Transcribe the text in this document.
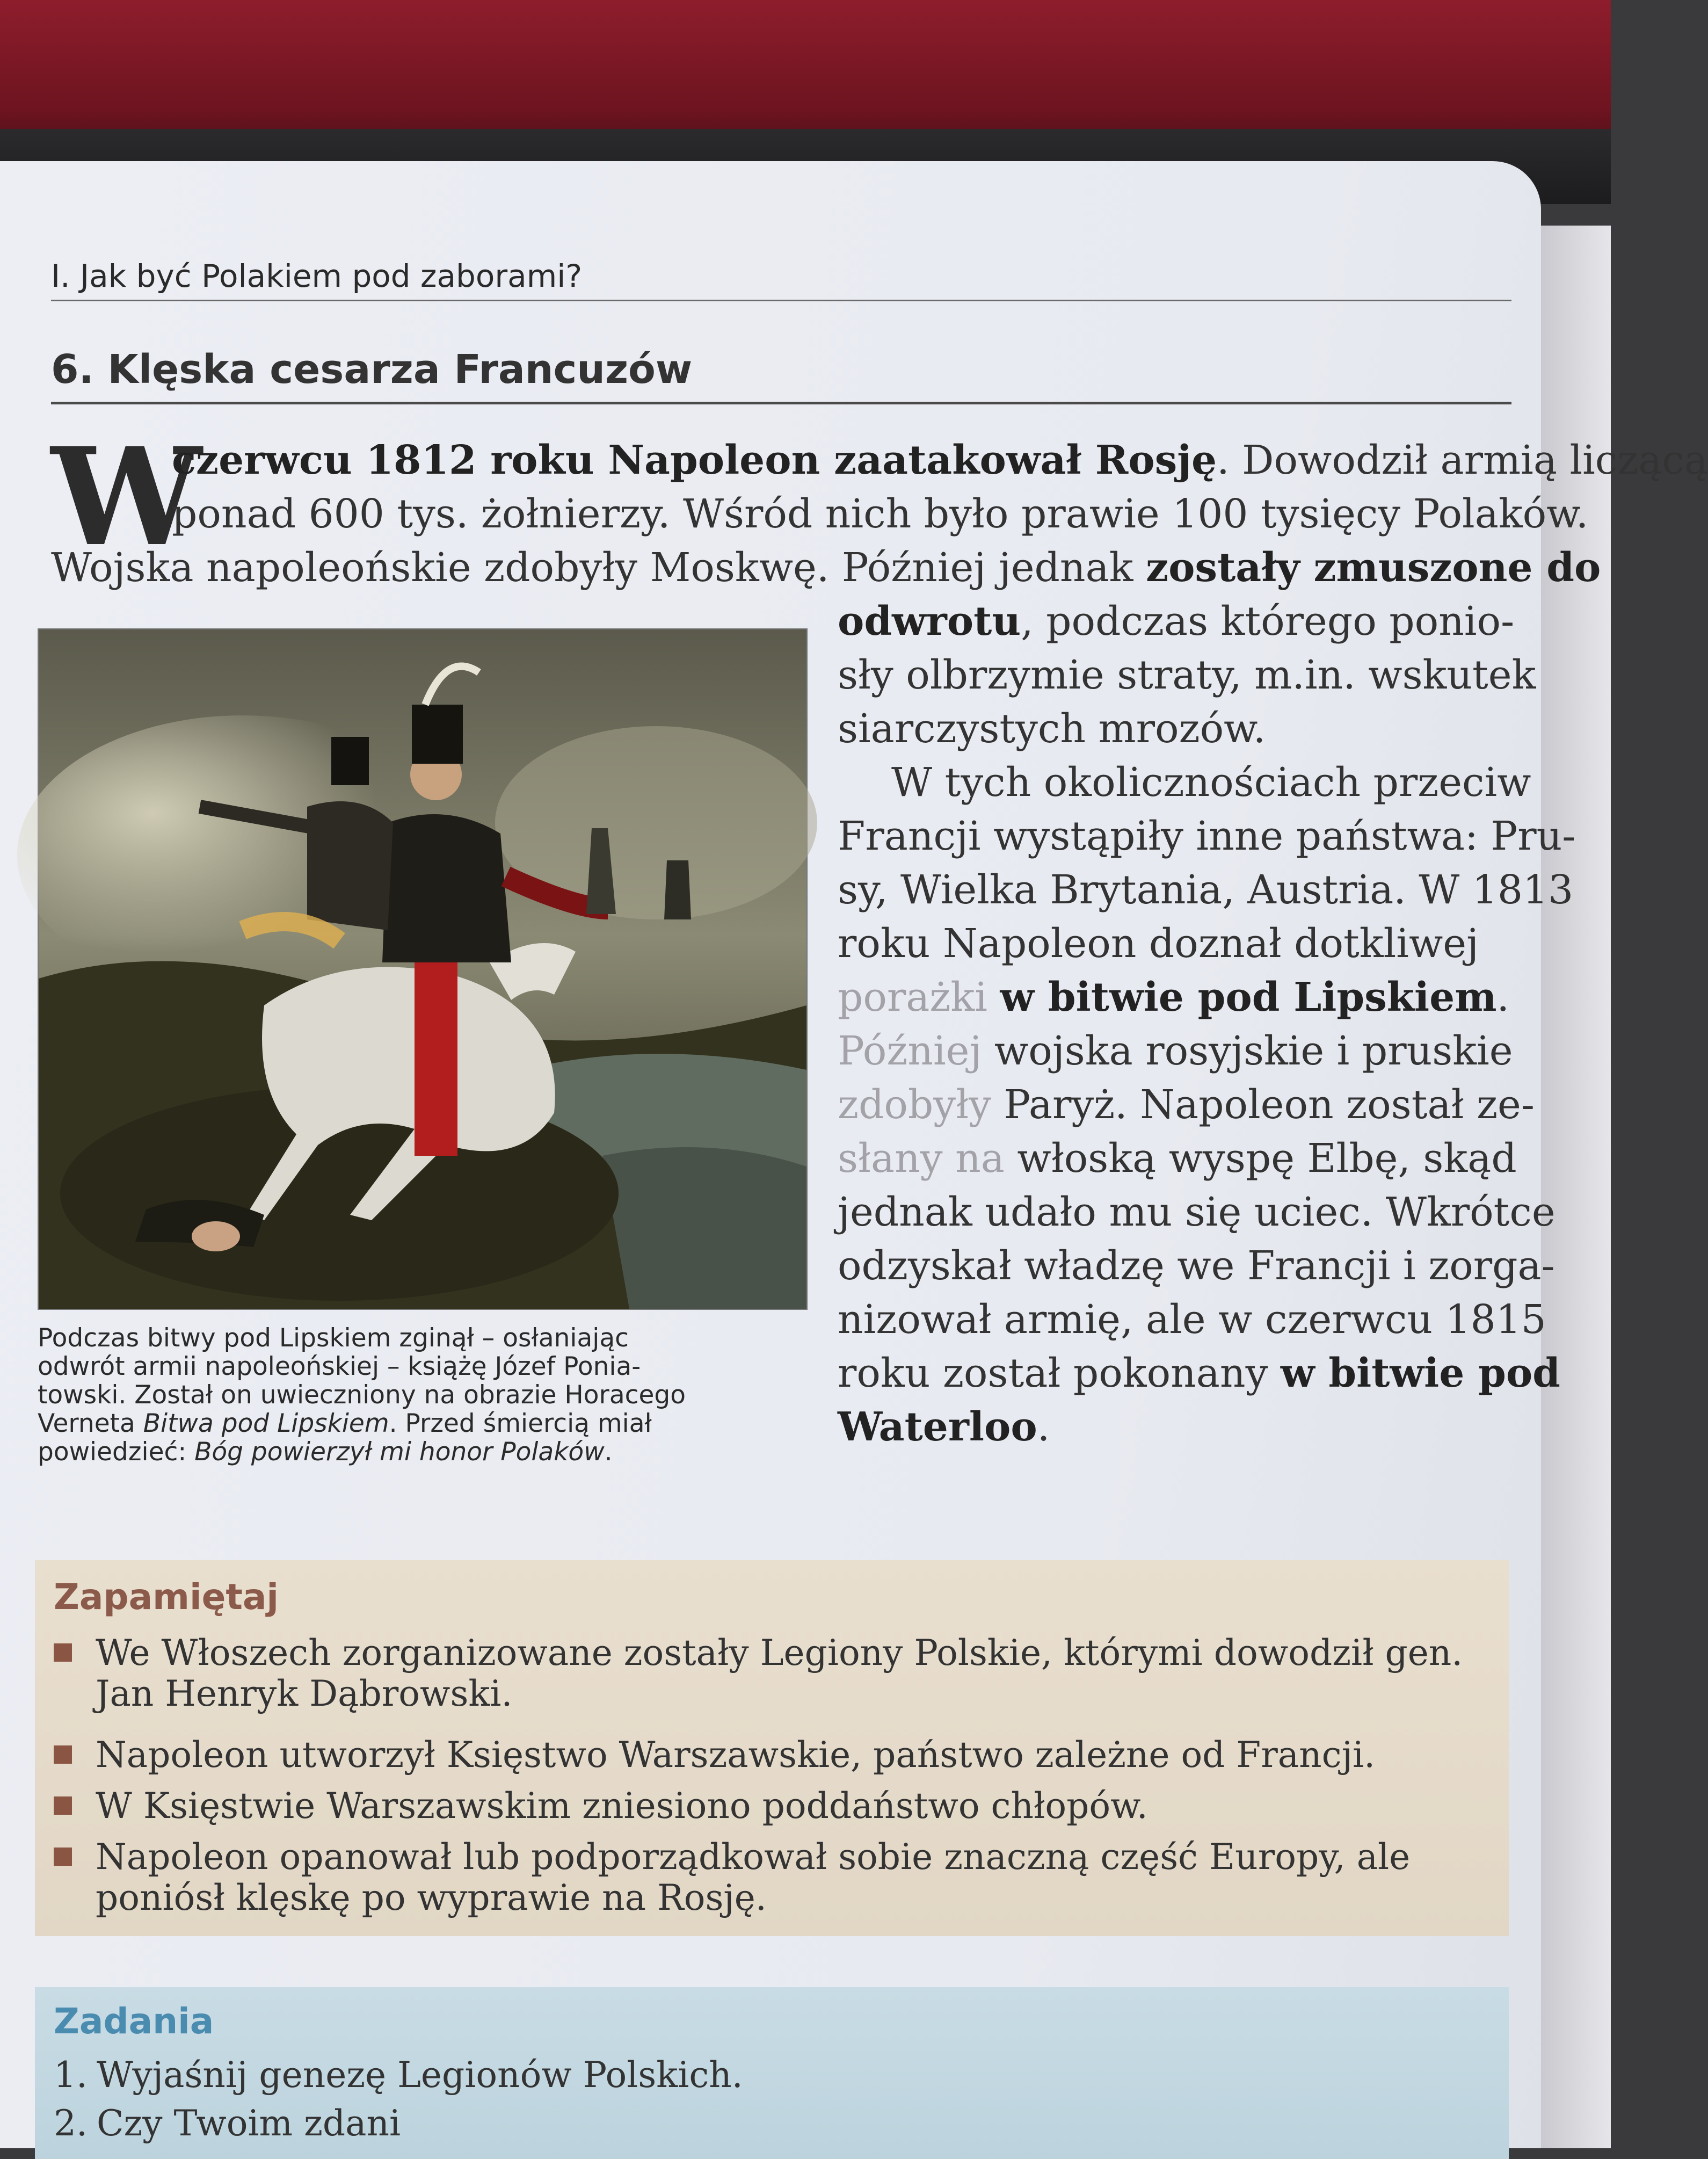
I. Jak być Polakiem pod zaborami?
6. Klęska cesarza Francuzów
W
czerwcu 1812 roku Napoleon zaatakował Rosję. Dowodził armią liczącą
ponad 600 tys. żołnierzy. Wśród nich było prawie 100 tysięcy Polaków.
Wojska napoleońskie zdobyły Moskwę. Później jednak zostały zmuszone do
odwrotu, podczas którego ponio-
sły olbrzymie straty, m.in. wskutek
siarczystych mrozów.
W tych okolicznościach przeciw
Francji wystąpiły inne państwa: Pru-
sy, Wielka Brytania, Austria. W 1813
roku Napoleon doznał dotkliwej
porażki w bitwie pod Lipskiem.
Później wojska rosyjskie i pruskie
zdobyły Paryż. Napoleon został ze-
słany na włoską wyspę Elbę, skąd
jednak udało mu się uciec. Wkrótce
odzyskał władzę we Francji i zorga-
nizował armię, ale w czerwcu 1815
roku został pokonany w bitwie pod
Waterloo.

Podczas bitwy pod Lipskiem zginął – osłaniając

odwrót armii napoleońskiej – książę Józef Ponia-

towski. Został on uwieczniony na obrazie Horacego

Verneta Bitwa pod Lipskiem. Przed śmiercią miał

powiedzieć: Bóg powierzył mi honor Polaków.

Zapamiętaj
We Włoszech zorganizowane zostały Legiony Polskie, którymi dowodził gen. Jan Henryk Dąbrowski.
Napoleon utworzył Księstwo Warszawskie, państwo zależne od Francji.
W Księstwie Warszawskim zniesiono poddaństwo chłopów.
Napoleon opanował lub podporządkował sobie znaczną część Europy, ale poniósł klęskę po wyprawie na Rosję.
Zadania
1. Wyjaśnij genezę Legionów Polskich.
2. Czy Twoim zdani
